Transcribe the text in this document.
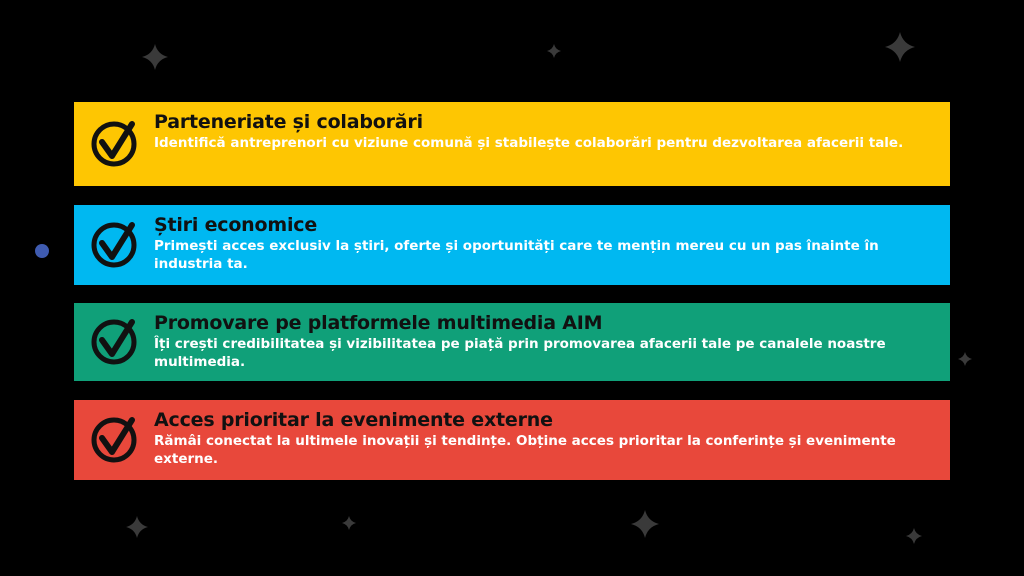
Parteneriate și colaborări
Identifică antreprenori cu viziune comună și stabilește colaborări pentru dezvoltarea afacerii tale.
Știri economice
Primești acces exclusiv la știri, oferte și oportunități care te mențin mereu cu un pas înainte în industria ta.
Promovare pe platformele multimedia AIM
Îți crești credibilitatea și vizibilitatea pe piață prin promovarea afacerii tale pe canalele noastre multimedia.
Acces prioritar la evenimente externe
Rămâi conectat la ultimele inovații și tendințe. Obține acces prioritar la conferințe și evenimente externe.
